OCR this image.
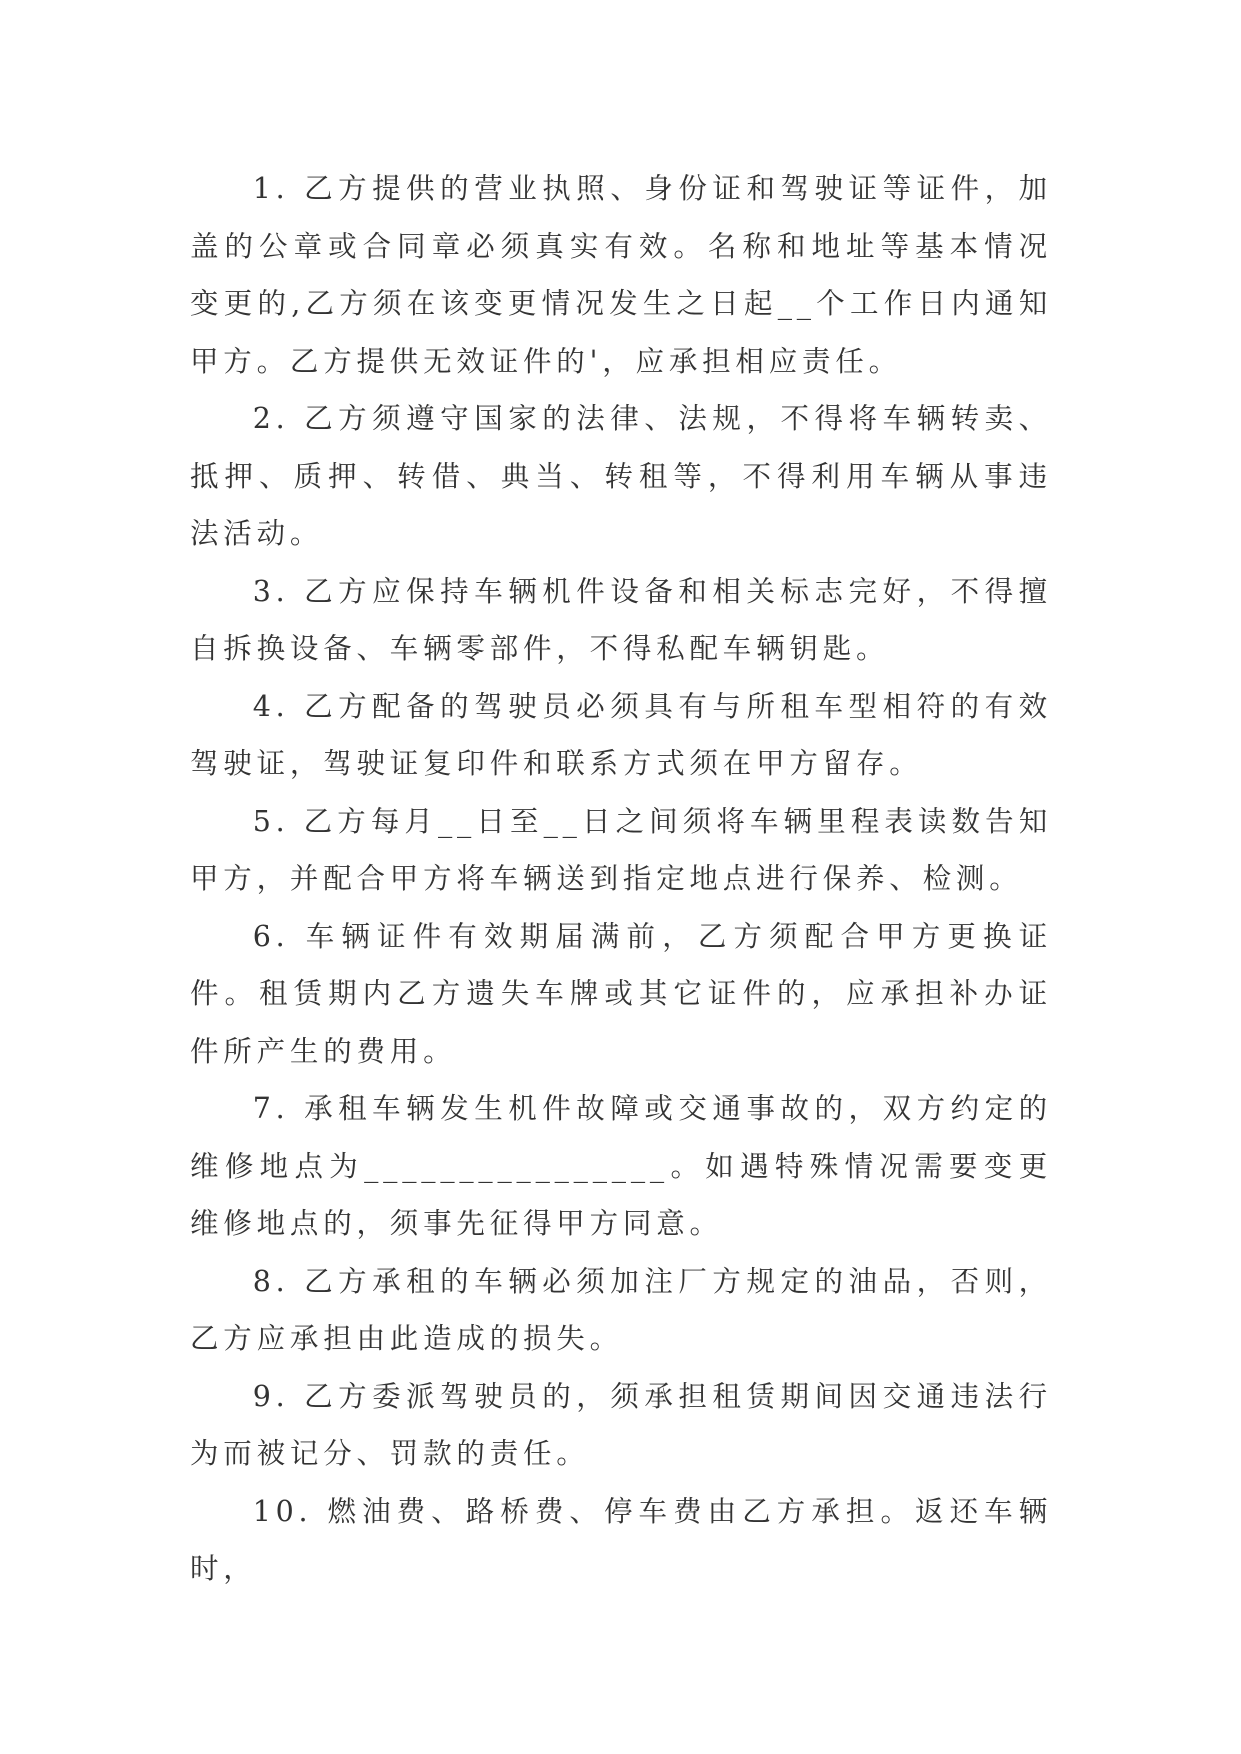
1. 乙方提供的营业执照、身份证和驾驶证等证件，加盖的公章或合同章必须真实有效。名称和地址等基本情况变更的,乙方须在该变更情况发生之日起__个工作日内通知甲方。乙方提供无效证件的'，应承担相应责任。

2. 乙方须遵守国家的法律、法规，不得将车辆转卖、抵押、质押、转借、典当、转租等，不得利用车辆从事违法活动。

3. 乙方应保持车辆机件设备和相关标志完好，不得擅自拆换设备、车辆零部件，不得私配车辆钥匙。

4. 乙方配备的驾驶员必须具有与所租车型相符的有效驾驶证，驾驶证复印件和联系方式须在甲方留存。

5. 乙方每月__日至__日之间须将车辆里程表读数告知甲方，并配合甲方将车辆送到指定地点进行保养、检测。

6. 车辆证件有效期届满前，乙方须配合甲方更换证件。租赁期内乙方遗失车牌或其它证件的，应承担补办证件所产生的费用。

7. 承租车辆发生机件故障或交通事故的，双方约定的维修地点为________________。如遇特殊情况需要变更维修地点的，须事先征得甲方同意。

8. 乙方承租的车辆必须加注厂方规定的油品，否则，乙方应承担由此造成的损失。

9. 乙方委派驾驶员的，须承担租赁期间因交通违法行为而被记分、罚款的责任。

10. 燃油费、路桥费、停车费由乙方承担。返还车辆时，
